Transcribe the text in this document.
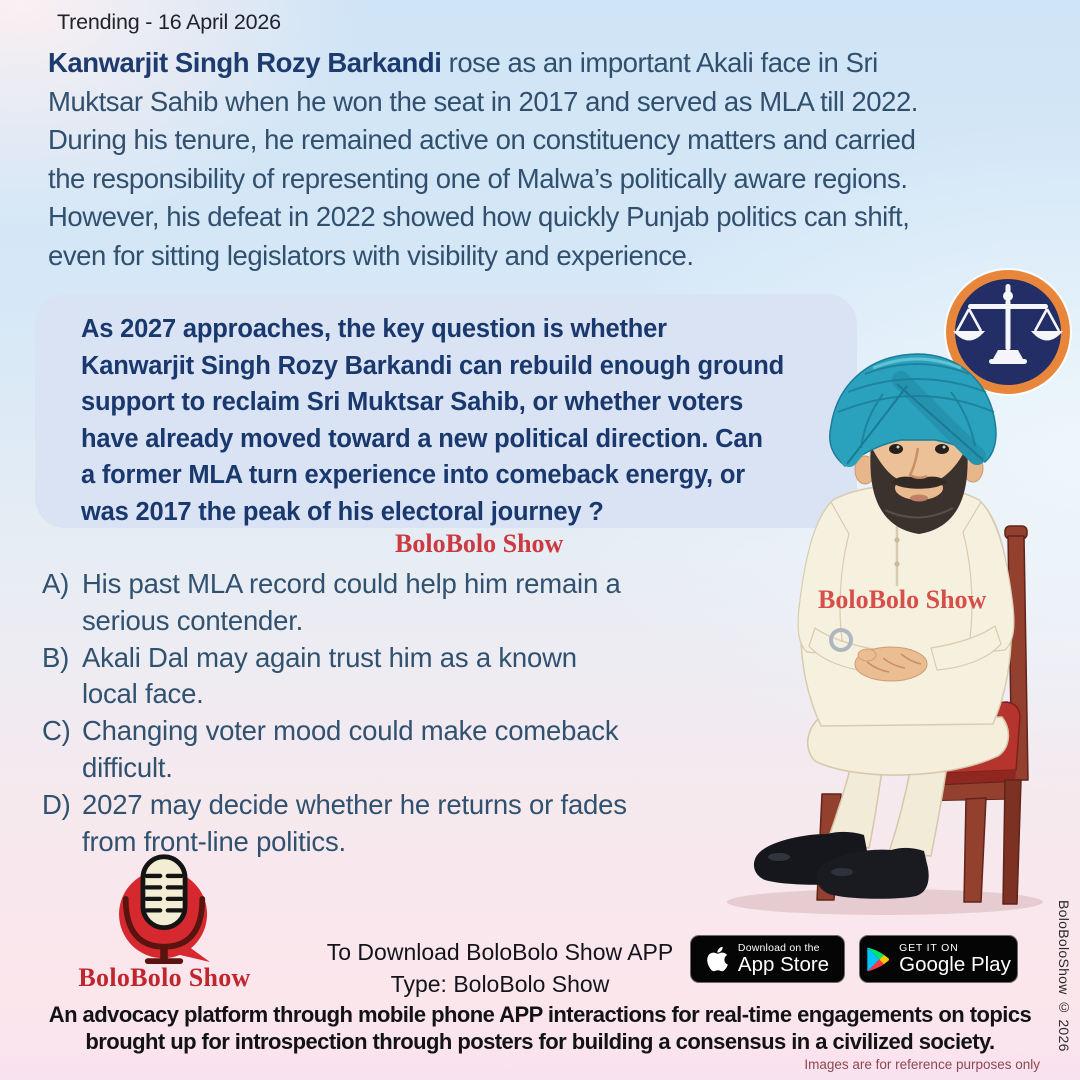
Trending - 16 April 2026
Kanwarjit Singh Rozy Barkandi rose as an important Akali face in Sri
Muktsar Sahib when he won the seat in 2017 and served as MLA till 2022.
During his tenure, he remained active on constituency matters and carried
the responsibility of representing one of Malwa’s politically aware regions.
However, his defeat in 2022 showed how quickly Punjab politics can shift,
even for sitting legislators with visibility and experience.
As 2027 approaches, the key question is whether
Kanwarjit Singh Rozy Barkandi can rebuild enough ground
support to reclaim Sri Muktsar Sahib, or whether voters
have already moved toward a new political direction. Can
a former MLA turn experience into comeback energy, or
was 2017 the peak of his electoral journey ?
BoloBolo Show
A) His past MLA record could help him remain a
serious contender.
B) Akali Dal may again trust him as a known
local face.
C) Changing voter mood could make comeback
difficult.
D) 2027 may decide whether he returns or fades
from front-line politics.
BoloBolo Show
BoloBolo Show
To Download BoloBolo Show APP
Type: BoloBolo Show
Download on the
App Store
GET IT ON
Google Play
An advocacy platform through mobile phone APP interactions for real-time engagements on topics
brought up for introspection through posters for building a consensus in a civilized society.	BoloBoloShow © 2026
Images are for reference purposes only
